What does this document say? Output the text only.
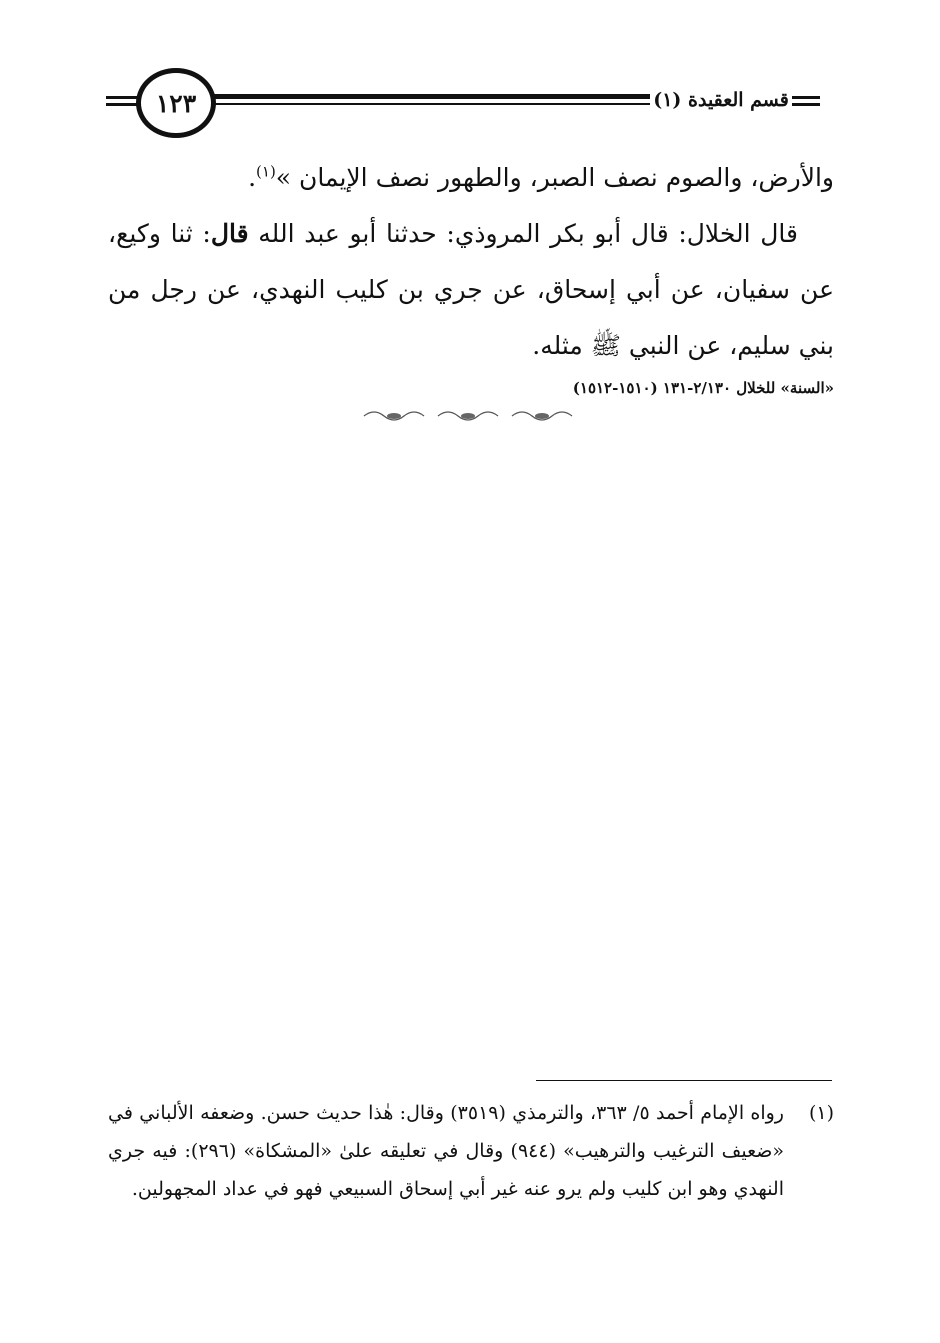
١٢٣	قسم العقيدة (١)

والأرض، والصوم نصف الصبر، والطهور نصف الإيمان »$^{(١)}$.

قال الخلال: قال أبو بكر المروذي: حدثنا أبو عبد الله قال: ثنا وكيع، عن سفيان، عن أبي إسحاق، عن جري بن كليب النهدي، عن رجل من بني سليم، عن النبي ﷺ مثله.

«السنة» للخلال ٢/١٣٠-١٣١ (١٥١٠-١٥١٢)

(١)

رواه الإمام أحمد ٥/ ٣٦٣، والترمذي (٣٥١٩) وقال: هٰذا حديث حسن. وضعفه الألباني في «ضعيف الترغيب والترهيب» (٩٤٤) وقال في تعليقه علىٰ «المشكاة» (٢٩٦): فيه جري النهدي وهو ابن كليب ولم يرو عنه غير أبي إسحاق السبيعي فهو في عداد المجهولين.
